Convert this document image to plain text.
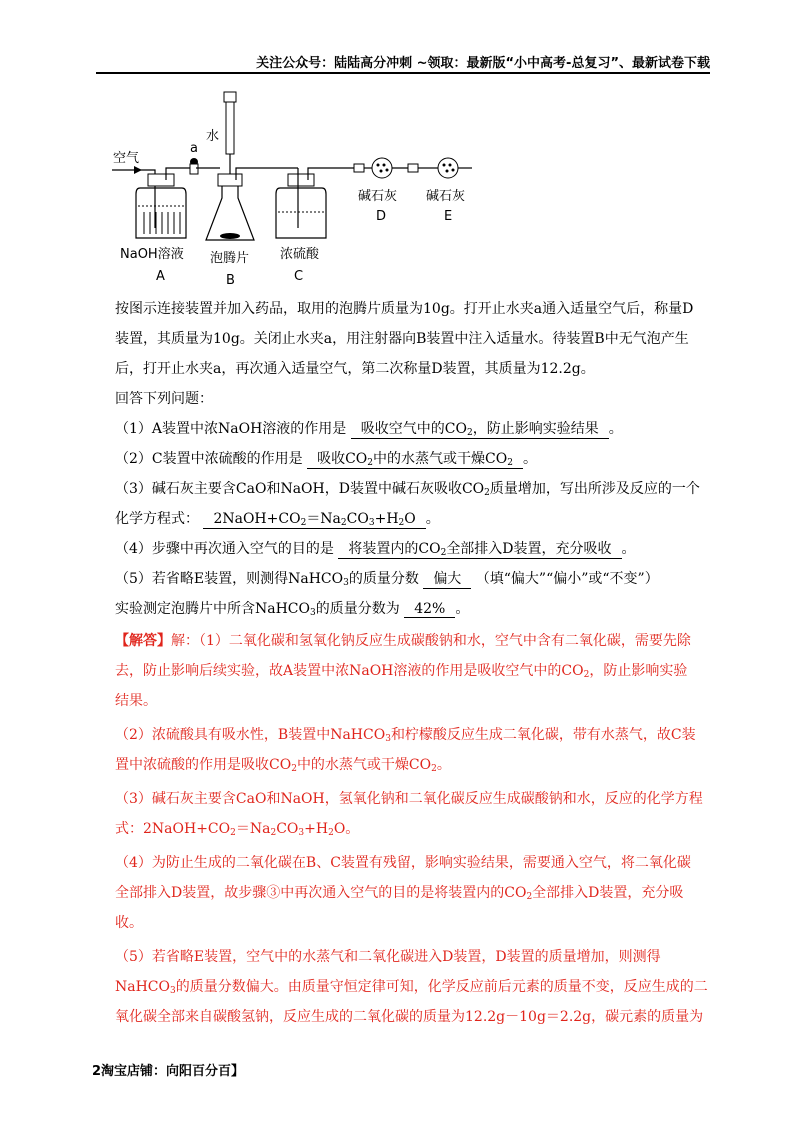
关注公众号：陆陆高分冲刺 ~领取：最新版“小中高考-总复习”、最新试卷下载
空气
水
a
碱石灰 碱石灰
D	E
NaOH溶液 泡腾片 浓硫酸
A	B	C
按图示连接装置并加入药品，取用的泡腾片质量为10g。打开止水夹a通入适量空气后，称量D
装置，其质量为10g。关闭止水夹a，用注射器向B装置中注入适量水。待装置B中无气泡产生
后，打开止水夹a，再次通入适量空气，第二次称量D装置，其质量为12.2g。
回答下列问题：
（1）A装置中浓NaOH溶液的作用是 吸收空气中的$CO_2$，防止影响实验结果 。
（2）C装置中浓硫酸的作用是 吸收$CO_2$中的水蒸气或干燥$CO_2$ 。
（3）碱石灰主要含CaO和NaOH，D装置中碱石灰吸收$CO_2$质量增加，写出所涉及反应的一个
化学方程式： $2NaOH+CO_2=Na_2CO_3+H_2O$ 。
（4）步骤中再次通入空气的目的是 将装置内的$CO_2$全部排入D装置，充分吸收 。
（5）若省略E装置，则测得NaHCO$_3$的质量分数 偏大 （填“偏大”“偏小”或“不变”）
实验测定泡腾片中所含NaHCO$_3$的质量分数为 42% 。
【解答】解：（1）二氧化碳和氢氧化钠反应生成碳酸钠和水，空气中含有二氧化碳，需要先除
去，防止影响后续实验，故A装置中浓NaOH溶液的作用是吸收空气中的$CO_2$，防止影响实验
结果。
（2）浓硫酸具有吸水性，B装置中NaHCO$_3$和柠檬酸反应生成二氧化碳，带有水蒸气，故C装
置中浓硫酸的作用是吸收$CO_2$中的水蒸气或干燥$CO_2$。
（3）碱石灰主要含CaO和NaOH，氢氧化钠和二氧化碳反应生成碳酸钠和水，反应的化学方程
式：$2NaOH+CO_2=Na_2CO_3+H_2O$。
（4）为防止生成的二氧化碳在B、C装置有残留，影响实验结果，需要通入空气，将二氧化碳
全部排入D装置，故步骤③中再次通入空气的目的是将装置内的$CO_2$全部排入D装置，充分吸
收。
（5）若省略E装置，空气中的水蒸气和二氧化碳进入D装置，D装置的质量增加，则测得
NaHCO$_3$的质量分数偏大。由质量守恒定律可知，化学反应前后元素的质量不变，反应生成的二
氧化碳全部来自碳酸氢钠，反应生成的二氧化碳的质量为12.2g－10g＝2.2g，碳元素的质量为
2淘宝店铺：向阳百分百】
